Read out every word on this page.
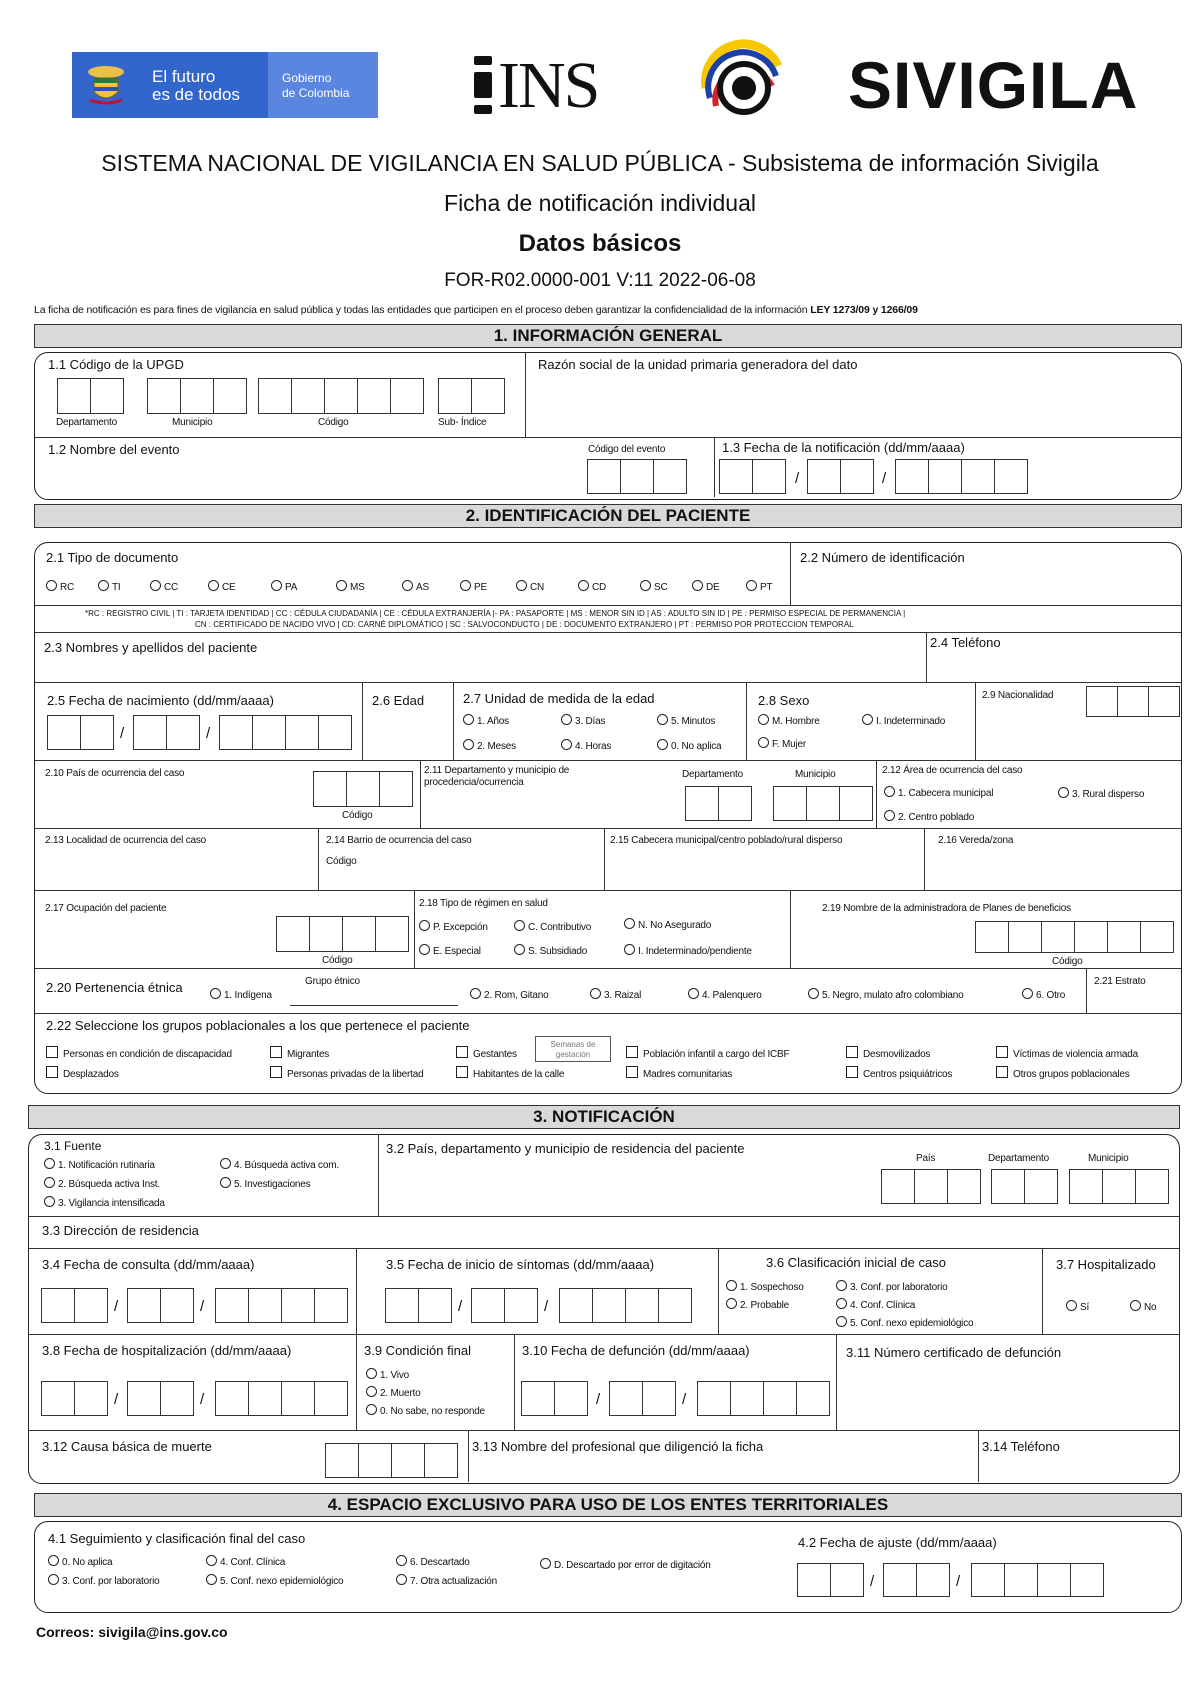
El futuro
es de todos
Gobierno
de Colombia INS	SIVIGILA
SISTEMA NACIONAL DE VIGILANCIA EN SALUD PÚBLICA - Subsistema de información Sivigila
Ficha de notificación individual
Datos básicos
FOR-R02.0000-001 V:11 2022-06-08
La ficha de notificación es para fines de vigilancia en salud pública y todas las entidades que participen en el proceso deben garantizar la confidencialidad de la información LEY 1273/09 y 1266/09
1. INFORMACIÓN GENERAL
1.1 Código de la UPGD
Departamento	Municipio	Código	Sub- Índice
Razón social de la unidad primaria generadora del dato
1.2 Nombre del evento	Código del evento	1.3 Fecha de la notificación (dd/mm/aaaa)
/	/
2. IDENTIFICACIÓN DEL PACIENTE
2.1 Tipo de documento
RC	TI	CC	CE	PA	MS	AS	PE	CN	CD	SC	DE	PT
2.2 Número de identificación
*RC : REGISTRO CIVIL | TI : TARJETA IDENTIDAD | CC : CÉDULA CIUDADANÍA | CE : CÉDULA EXTRANJERÍA |- PA : PASAPORTE | MS : MENOR SIN ID | AS : ADULTO SIN ID | PE : PERMISO ESPECIAL DE PERMANENCIA |
CN : CERTIFICADO DE NACIDO VIVO | CD: CARNÉ DIPLOMÁTICO | SC : SALVOCONDUCTO | DE : DOCUMENTO EXTRANJERO | PT : PERMISO POR PROTECCION TEMPORAL
2.3 Nombres y apellidos del paciente	2.4 Teléfono
2.5 Fecha de nacimiento (dd/mm/aaaa)
/	/
2.6 Edad	2.7 Unidad de medida de la edad
1. Años	3. Días	5. Minutos
2. Meses	4. Horas	0. No aplica
2.8 Sexo
M. Hombre	I. Indeterminado
F. Mujer
2.9 Nacionalidad
2.10 País de ocurrencia del caso
Código
2.11 Departamento y municipio de procedencia/ocurrencia
Departamento	Municipio	2.12 Área de ocurrencia del caso
1. Cabecera municipal	3. Rural disperso
2. Centro poblado
2.13 Localidad de ocurrencia del caso	2.14 Barrio de ocurrencia del caso
Código
2.15 Cabecera municipal/centro poblado/rural disperso	2.16 Vereda/zona
2.17 Ocupación del paciente
Código
2.18 Tipo de régimen en salud
P. Excepción	C. Contributivo	N. No Asegurado
E. Especial	S. Subsidiado	I. Indeterminado/pendiente
2.19 Nombre de la administradora de Planes de beneficios
Código
2.20 Pertenencia étnica
1. Indígena
Grupo étnico
2. Rom, Gitano	3. Raizal	4. Palenquero	5. Negro, mulato afro colombiano	6. Otro
2.21 Estrato
2.22 Seleccione los grupos poblacionales a los que pertenece el paciente
Semanas de gestación
Personas en condición de discapacidad	Migrantes	Gestantes	Población infantil a cargo del ICBF	Desmovilizados	Víctimas de violencia armada
Desplazados	Personas privadas de la libertad	Habitantes de la calle	Madres comunitarias	Centros psiquiátricos	Otros grupos poblacionales
3. NOTIFICACIÓN
3.1 Fuente
1. Notificación rutinaria	4. Búsqueda activa com.
2. Búsqueda activa Inst.	5. Investigaciones
3. Vigilancia intensificada
3.2 País, departamento y municipio de residencia del paciente
País	Departamento	Municipio
3.3 Dirección de residencia
3.4 Fecha de consulta (dd/mm/aaaa)
/	/
3.5 Fecha de inicio de síntomas (dd/mm/aaaa)
/	/
3.6 Clasificación inicial de caso
1. Sospechoso	3. Conf. por laboratorio
2. Probable	4. Conf. Clínica
5. Conf. nexo epidemiológico
3.7 Hospitalizado
Sí	No
3.8 Fecha de hospitalización (dd/mm/aaaa)
/	/
3.9 Condición final
1. Vivo
2. Muerto
0. No sabe, no responde
3.10 Fecha de defunción (dd/mm/aaaa)
/	/
3.11 Número certificado de defunción
3.12 Causa básica de muerte	3.13 Nombre del profesional que diligenció la ficha	3.14 Teléfono
4. ESPACIO EXCLUSIVO PARA USO DE LOS ENTES TERRITORIALES
4.1 Seguimiento y clasificación final del caso
0. No aplica	4. Conf. Clínica	6. Descartado	D. Descartado por error de digitación
3. Conf. por laboratorio	5. Conf. nexo epidemiológico	7. Otra actualización
4.2 Fecha de ajuste (dd/mm/aaaa)
/	/
Correos: sivigila@ins.gov.co
